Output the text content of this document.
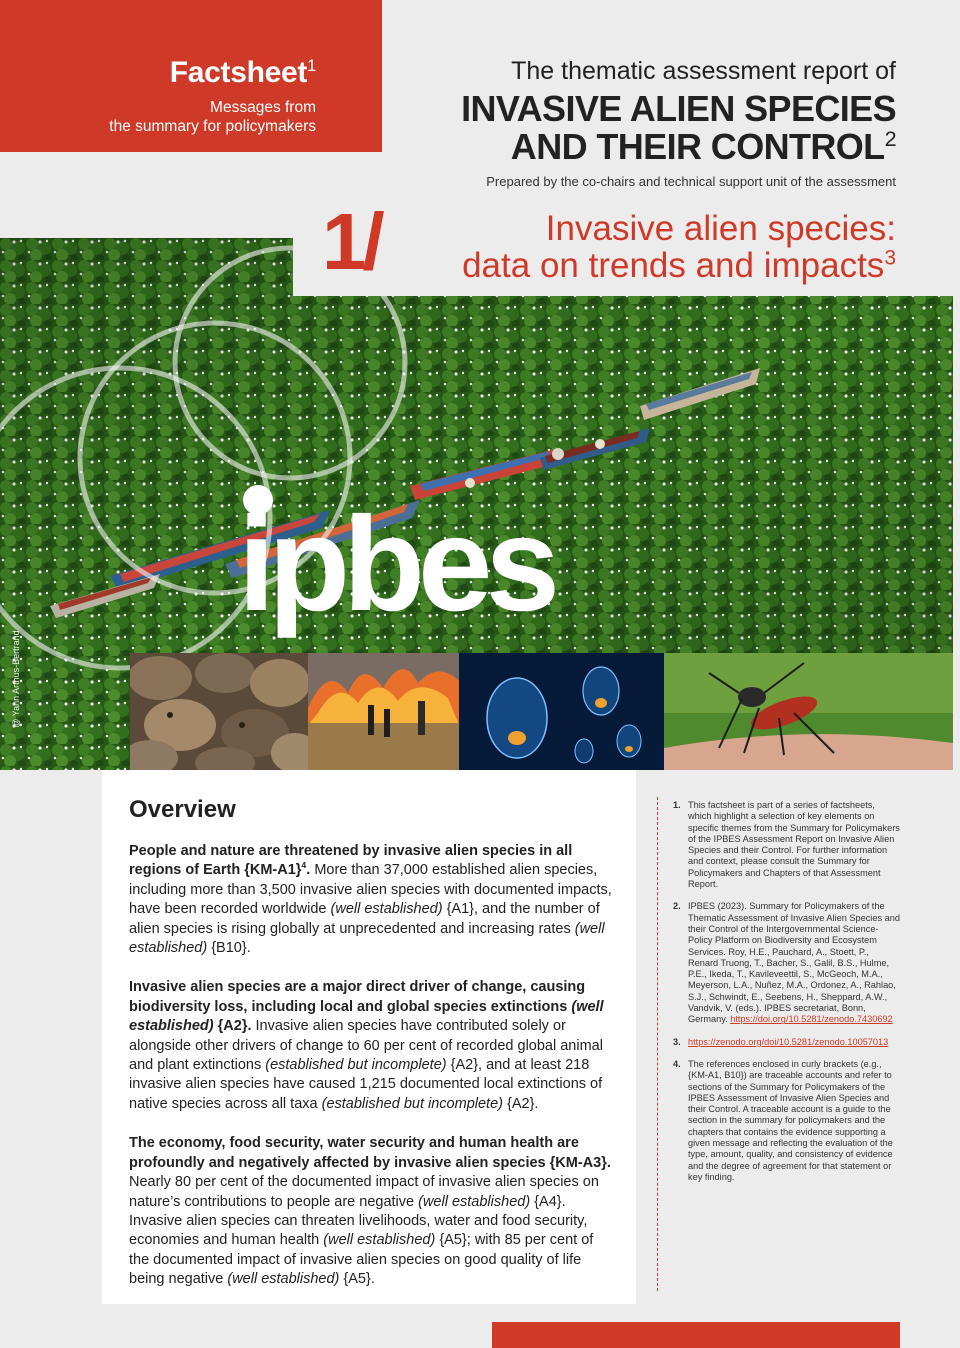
Factsheet$^1$
Messages from
the summary for policymakers
The thematic assessment report of
INVASIVE ALIEN SPECIES
AND THEIR CONTROL$^2$
Prepared by the co-chairs and technical support unit of the assessment
ipbes
1/	Invasive alien species:
data on trends and impacts$^3$
@ Yann Arthus-Bertrand
Overview

People and nature are threatened by invasive alien species in all regions of Earth $\{KM-A1\}^4$. More than 37,000 established alien species, including more than 3,500 invasive alien species with documented impacts, have been recorded worldwide (well established) {A1}, and the number of alien species is rising globally at unprecedented and increasing rates (well established) {B10}.

Invasive alien species are a major direct driver of change, causing biodiversity loss, including local and global species extinctions (well established) {A2}. Invasive alien species have contributed solely or alongside other drivers of change to 60 per cent of recorded global animal and plant extinctions (established but incomplete) {A2}, and at least 218 invasive alien species have caused 1,215 documented local extinctions of native species across all taxa (established but incomplete) {A2}.

The economy, food security, water security and human health are profoundly and negatively affected by invasive alien species {KM-A3}. Nearly 80 per cent of the documented impact of invasive alien species on nature’s contributions to people are negative (well established) {A4}. Invasive alien species can threaten livelihoods, water and food security, economies and human health (well established) {A5}; with 85 per cent of the documented impact of invasive alien species on good quality of life being negative (well established) {A5}.

1. This factsheet is part of a series of factsheets, which highlight a selection of key elements on specific themes from the Summary for Policymakers of the IPBES Assessment Report on Invasive Alien Species and their Control. For further information and context, please consult the Summary for Policymakers and Chapters of that Assessment Report.
2. IPBES (2023). Summary for Policymakers of the Thematic Assessment of Invasive Alien Species and their Control of the Intergovernmental Science-Policy Platform on Biodiversity and Ecosystem Services. Roy, H.E., Pauchard, A., Stoett, P., Renard Truong, T., Bacher, S., Galil, B.S., Hulme, P.E., Ikeda, T., Kavileveettil, S., McGeoch, M.A., Meyerson, L.A., Nuñez, M.A., Ordonez, A., Rahlao, S.J., Schwindt, E., Seebens, H., Sheppard, A.W., Vandvik, V. (eds.). IPBES secretariat, Bonn, Germany. https://doi.org/10.5281/zenodo.7430692
3. https://zenodo.org/doi/10.5281/zenodo.10057013
4. The references enclosed in curly brackets (e.g., {KM-A1, B10}) are traceable accounts and refer to sections of the Summary for Policymakers of the IPBES Assessment of Invasive Alien Species and their Control. A traceable account is a guide to the section in the summary for policymakers and the chapters that contains the evidence supporting a given message and reflecting the evaluation of the type, amount, quality, and consistency of evidence and the degree of agreement for that statement or key finding.
